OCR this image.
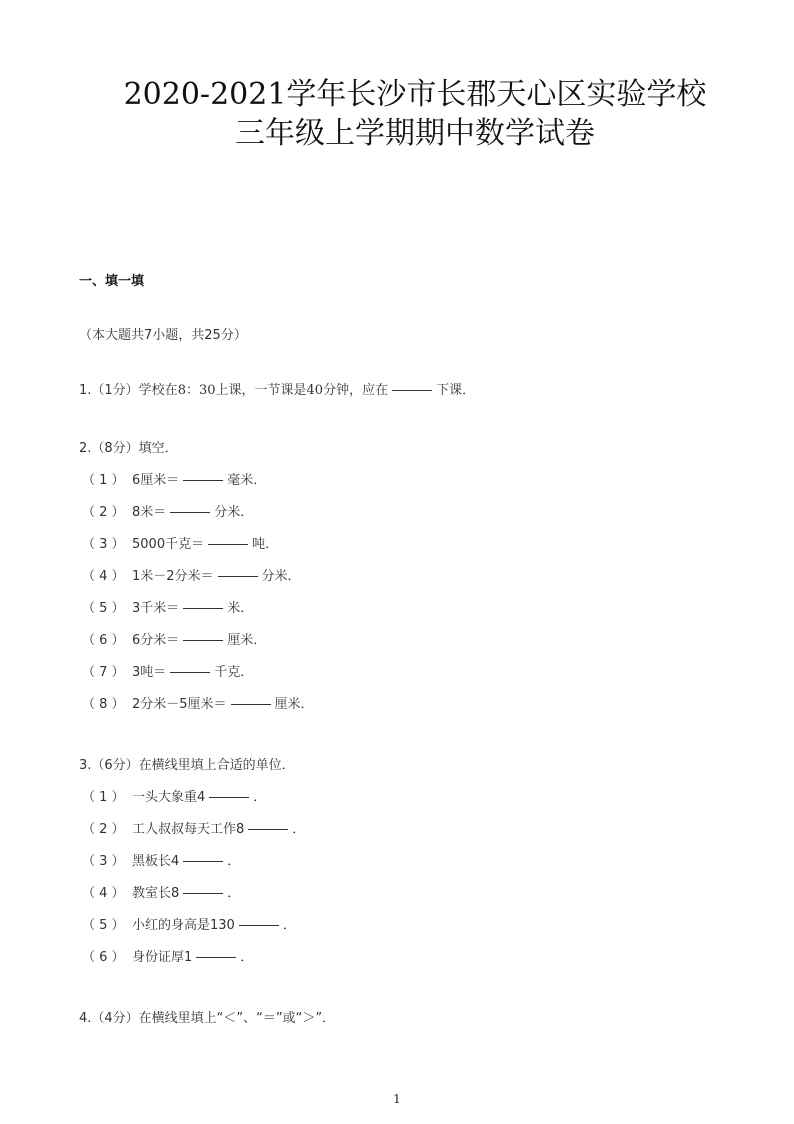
2020-2021学年长沙市长郡天心区实验学校
三年级上学期期中数学试卷
一、填一填
（本大题共7小题，共25分）
1.（1分）学校在8：30上课，一节课是40分钟，应在	下课．
2.（8分）填空．
（ 1 ） 6厘米＝	毫米．
（ 2 ） 8米＝	分米．
（ 3 ） 5000千克＝	吨．
（ 4 ） 1米－2分米＝	分米．
（ 5 ） 3千米＝	米．
（ 6 ） 6分米＝	厘米．
（ 7 ） 3吨＝	千克．
（ 8 ） 2分米－5厘米＝	厘米．
3.（6分）在横线里填上合适的单位．
（ 1 ） 一头大象重4	．
（ 2 ） 工人叔叔每天工作8	．
（ 3 ） 黑板长4	．
（ 4 ） 教室长8	．
（ 5 ） 小红的身高是130	．
（ 6 ） 身份证厚1	．
4.（4分）在横线里填上“＜”、“＝”或“＞”．
1
